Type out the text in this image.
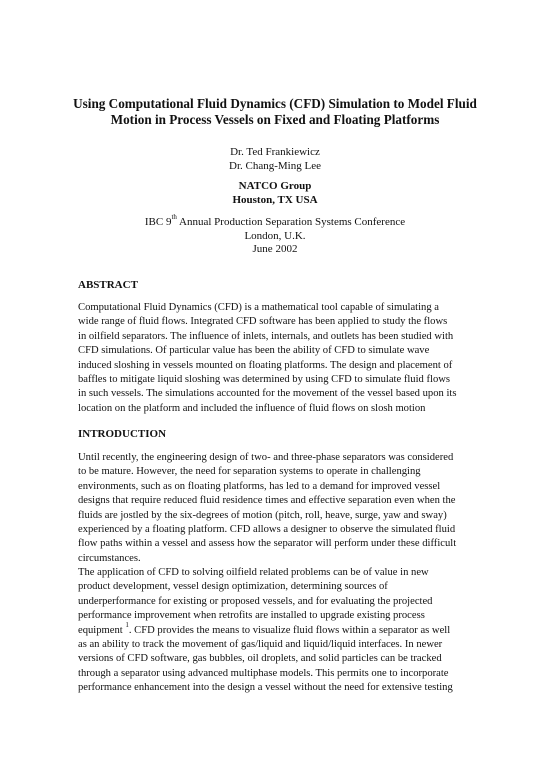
Using Computational Fluid Dynamics (CFD) Simulation to Model Fluid
Motion in Process Vessels on Fixed and Floating Platforms
Dr. Ted Frankiewicz
Dr. Chang-Ming Lee
NATCO Group
Houston, TX USA
IBC 9th Annual Production Separation Systems Conference
London, U.K.
June 2002
ABSTRACT
Computational Fluid Dynamics (CFD) is a mathematical tool capable of simulating a
wide range of fluid flows. Integrated CFD software has been applied to study the flows
in oilfield separators. The influence of inlets, internals, and outlets has been studied with
CFD simulations. Of particular value has been the ability of CFD to simulate wave
induced sloshing in vessels mounted on floating platforms. The design and placement of
baffles to mitigate liquid sloshing was determined by using CFD to simulate fluid flows
in such vessels. The simulations accounted for the movement of the vessel based upon its
location on the platform and included the influence of fluid flows on slosh motion
INTRODUCTION
Until recently, the engineering design of two- and three-phase separators was considered
to be mature. However, the need for separation systems to operate in challenging
environments, such as on floating platforms, has led to a demand for improved vessel
designs that require reduced fluid residence times and effective separation even when the
fluids are jostled by the six-degrees of motion (pitch, roll, heave, surge, yaw and sway)
experienced by a floating platform. CFD allows a designer to observe the simulated fluid
flow paths within a vessel and assess how the separator will perform under these difficult
circumstances.
The application of CFD to solving oilfield related problems can be of value in new
product development, vessel design optimization, determining sources of
underperformance for existing or proposed vessels, and for evaluating the projected
performance improvement when retrofits are installed to upgrade existing process
equipment $^1$. CFD provides the means to visualize fluid flows within a separator as well
as an ability to track the movement of gas/liquid and liquid/liquid interfaces. In newer
versions of CFD software, gas bubbles, oil droplets, and solid particles can be tracked
through a separator using advanced multiphase models. This permits one to incorporate
performance enhancement into the design a vessel without the need for extensive testing
